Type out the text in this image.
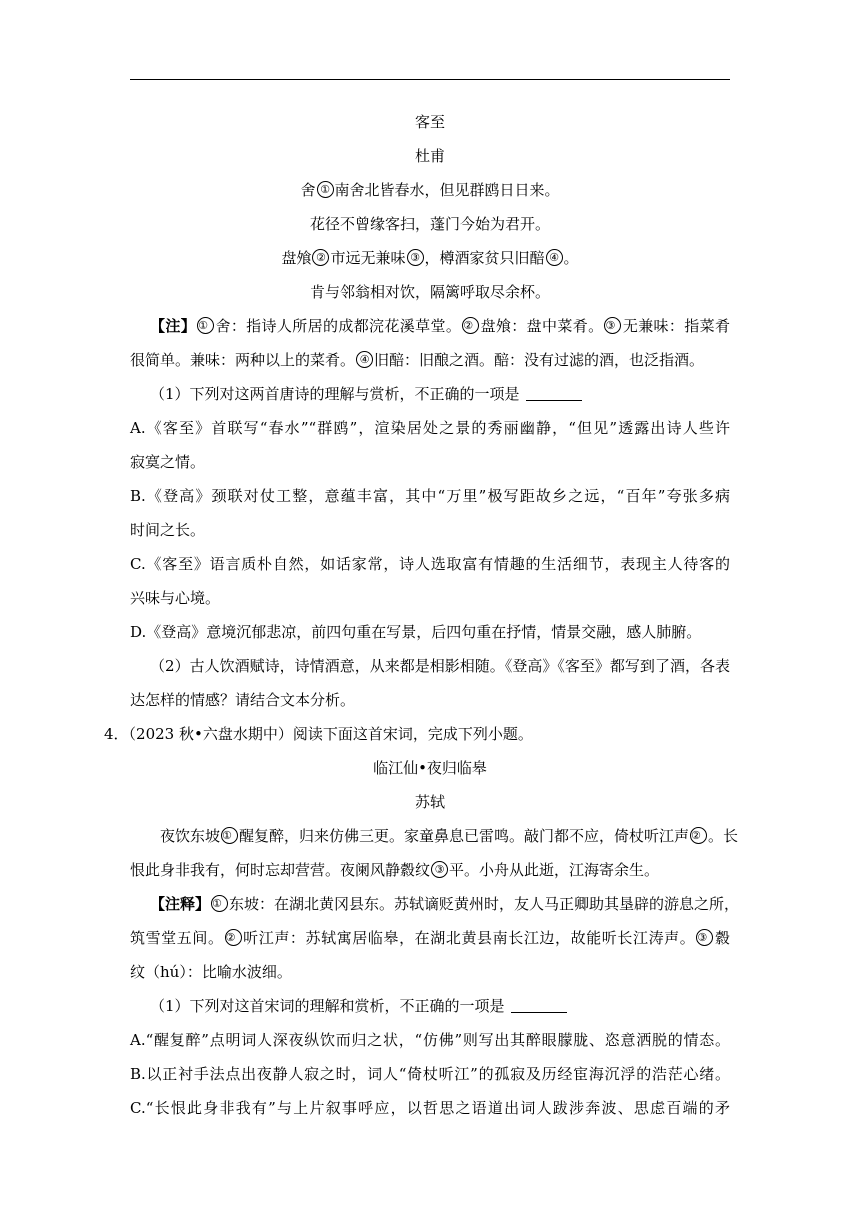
客至
杜甫
舍 ① 南舍北皆春水，但见群鸥日日来。
花径不曾缘客扫，蓬门今始为君开。
盘飧 ② 市远无兼味 ③ ，樽酒家贫只旧醅 ④ 。
肯与邻翁相对饮，隔篱呼取尽余杯。
【注】 ① 舍：指诗人所居的成都浣花溪草堂。 ② 盘飧：盘中菜肴。 ③ 无兼味：指菜肴
很简单。兼味：两种以上的菜肴。 ④ 旧醅：旧酿之酒。醅：没有过滤的酒，也泛指酒。
（1）下列对这两首唐诗的理解与赏析，不正确的一项是
A.《客至》首联写“春水”“群鸥”，渲染居处之景的秀丽幽静，“但见”透露出诗人些许
寂寞之情。
B.《登高》颈联对仗工整，意蕴丰富，其中“万里”极写距故乡之远，“百年”夸张多病
时间之长。
C.《客至》语言质朴自然，如话家常，诗人选取富有情趣的生活细节，表现主人待客的
兴味与心境。
D.《登高》意境沉郁悲凉，前四句重在写景，后四句重在抒情，情景交融，感人肺腑。
（2）古人饮酒赋诗，诗情酒意，从来都是相影相随。《登高》《客至》都写到了酒，各表
达怎样的情感？请结合文本分析。
4．（2023 秋•六盘水期中）阅读下面这首宋词，完成下列小题。
临江仙•夜归临皋
苏轼
夜饮东坡 ① 醒复醉，归来仿佛三更。家童鼻息已雷鸣。敲门都不应，倚杖听江声 ② 。长
恨此身非我有，何时忘却营营。夜阑风静縠纹 ③ 平。小舟从此逝，江海寄余生。
【注释】 ① 东坡：在湖北黄冈县东。苏轼谪贬黄州时，友人马正卿助其垦辟的游息之所，
筑雪堂五间。 ② 听江声：苏轼寓居临皋，在湖北黄县南长江边，故能听长江涛声。 ③ 縠
纹（hú）：比喻水波细。
（1）下列对这首宋词的理解和赏析，不正确的一项是
A.“醒复醉”点明词人深夜纵饮而归之状，“仿佛”则写出其醉眼朦胧、恣意洒脱的情态。
B.以正衬手法点出夜静人寂之时，词人“倚杖听江”的孤寂及历经宦海沉浮的浩茫心绪。
C.“长恨此身非我有”与上片叙事呼应，以哲思之语道出词人跋涉奔波、思虑百端的矛
